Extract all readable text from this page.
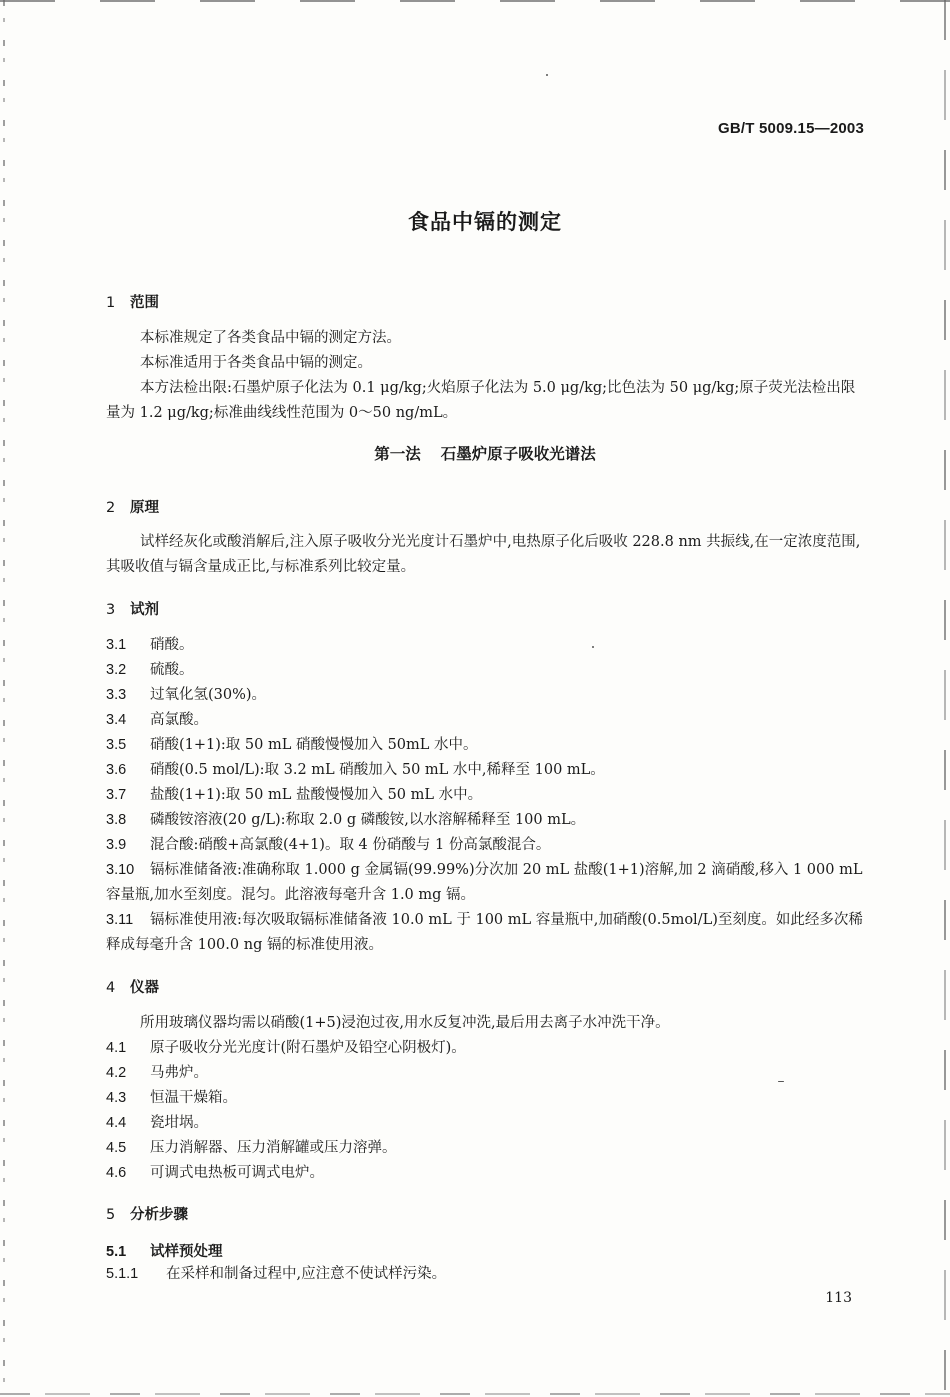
GB/T 5009.15—2003
食品中镉的测定
1 范围
本标准规定了各类食品中镉的测定方法。
本标准适用于各类食品中镉的测定。
本方法检出限:石墨炉原子化法为 0.1 μg/kg;火焰原子化法为 5.0 μg/kg;比色法为 50 μg/kg;原子荧光法检出限量为 1.2 μg/kg;标准曲线线性范围为 0～50 ng/mL。
第一法 石墨炉原子吸收光谱法
2 原理
试样经灰化或酸消解后,注入原子吸收分光光度计石墨炉中,电热原子化后吸收 228.8 nm 共振线,在一定浓度范围,其吸收值与镉含量成正比,与标准系列比较定量。
3 试剂
3.1 硝酸。
3.2 硫酸。
3.3 过氧化氢(30%)。
3.4 高氯酸。
3.5 硝酸(1+1):取 50 mL 硝酸慢慢加入 50mL 水中。
3.6 硝酸(0.5 mol/L):取 3.2 mL 硝酸加入 50 mL 水中,稀释至 100 mL。
3.7 盐酸(1+1):取 50 mL 盐酸慢慢加入 50 mL 水中。
3.8 磷酸铵溶液(20 g/L):称取 2.0 g 磷酸铵,以水溶解稀释至 100 mL。
3.9 混合酸:硝酸+高氯酸(4+1)。取 4 份硝酸与 1 份高氯酸混合。
3.10 镉标准储备液:准确称取 1.000 g 金属镉(99.99%)分次加 20 mL 盐酸(1+1)溶解,加 2 滴硝酸,移入 1 000 mL 容量瓶,加水至刻度。混匀。此溶液每毫升含 1.0 mg 镉。
3.11 镉标准使用液:每次吸取镉标准储备液 10.0 mL 于 100 mL 容量瓶中,加硝酸(0.5mol/L)至刻度。如此经多次稀释成每毫升含 100.0 ng 镉的标准使用液。
4 仪器
所用玻璃仪器均需以硝酸(1+5)浸泡过夜,用水反复冲洗,最后用去离子水冲洗干净。
4.1 原子吸收分光光度计(附石墨炉及铅空心阴极灯)。
4.2 马弗炉。
4.3 恒温干燥箱。
4.4 瓷坩埚。
4.5 压力消解器、压力消解罐或压力溶弹。
4.6 可调式电热板可调式电炉。
5 分析步骤
5.1 试样预处理
5.1.1 在采样和制备过程中,应注意不使试样污染。
113
